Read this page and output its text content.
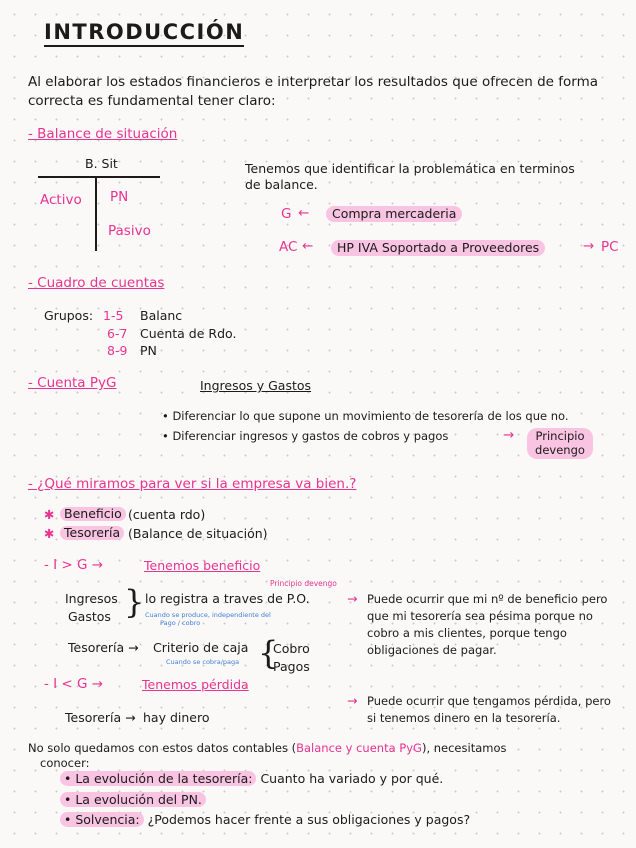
INTRODUCCIÓN
Al elaborar los estados financieros e interpretar los resultados que ofrecen de forma
correcta es fundamental tener claro:
- Balance de situación
B. Sit
Activo PN
Pasivo
Tenemos que identificar la problemática en terminos
de balance.
G ←	Compra mercaderia
AC ←	HP IVA Soportado a Proveedores	→ PC
- Cuadro de cuentas
Grupos: 1-5 Balanc
6-7 Cuenta de Rdo.
8-9 PN
- Cuenta PyG	Ingresos y Gastos
• Diferenciar lo que supone un movimiento de tesorería de los que no.
• Diferenciar ingresos y gastos de cobros y pagos	→	Principio
devengo
- ¿Qué miramos para ver si la empresa va bien.?
✱ Beneficio (cuenta rdo)
✱ Tesorería (Balance de situación)
- I > G →	Tenemos beneficio
Principio devengo
Ingresos
Gastos } lo registra a traves de P.O.
Cuando se produce, independiente del
Pago / cobro
→ Puede ocurrir que mi nº de beneficio pero
que mi tesorería sea pésima porque no
cobro a mis clientes, porque tengo
obligaciones de pagar.
Tesorería → Criterio de caja
Cuando se cobra/paga {
Cobro
Pagos
- I < G →	Tenemos pérdida
→ Puede ocurrir que tengamos pérdida, pero
si tenemos dinero en la tesorería.
Tesorería → hay dinero
No solo quedamos con estos datos contables (Balance y cuenta PyG), necesitamos
conocer:
• La evolución de la tesorería: Cuanto ha variado y por qué.
• La evolución del PN.
• Solvencia: ¿Podemos hacer frente a sus obligaciones y pagos?
